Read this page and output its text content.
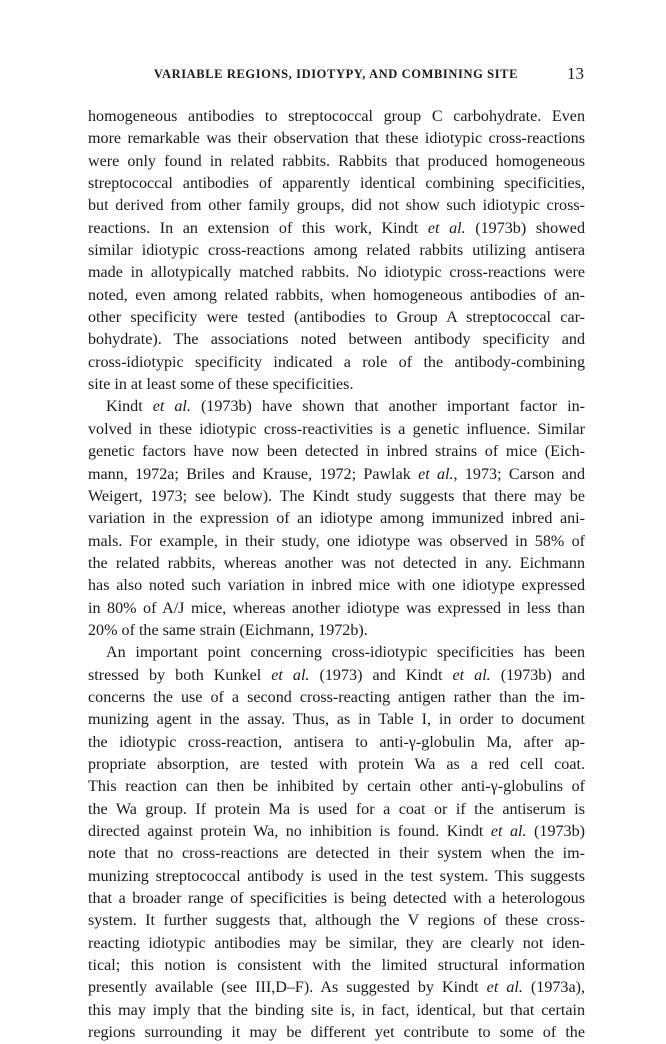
VARIABLE REGIONS, IDIOTYPY, AND COMBINING SITE	13
homogeneous antibodies to streptococcal group C carbohydrate. Even
more remarkable was their observation that these idiotypic cross-reactions
were only found in related rabbits. Rabbits that produced homogeneous
streptococcal antibodies of apparently identical combining specificities,
but derived from other family groups, did not show such idiotypic cross-
reactions. In an extension of this work, Kindt et al. (1973b) showed
similar idiotypic cross-reactions among related rabbits utilizing antisera
made in allotypically matched rabbits. No idiotypic cross-reactions were
noted, even among related rabbits, when homogeneous antibodies of an-
other specificity were tested (antibodies to Group A streptococcal car-
bohydrate). The associations noted between antibody specificity and
cross-idiotypic specificity indicated a role of the antibody-combining
site in at least some of these specificities.
Kindt et al. (1973b) have shown that another important factor in-
volved in these idiotypic cross-reactivities is a genetic influence. Similar
genetic factors have now been detected in inbred strains of mice (Eich-
mann, 1972a; Briles and Krause, 1972; Pawlak et al., 1973; Carson and
Weigert, 1973; see below). The Kindt study suggests that there may be
variation in the expression of an idiotype among immunized inbred ani-
mals. For example, in their study, one idiotype was observed in 58% of
the related rabbits, whereas another was not detected in any. Eichmann
has also noted such variation in inbred mice with one idiotype expressed
in 80% of A/J mice, whereas another idiotype was expressed in less than
20% of the same strain (Eichmann, 1972b).
An important point concerning cross-idiotypic specificities has been
stressed by both Kunkel et al. (1973) and Kindt et al. (1973b) and
concerns the use of a second cross-reacting antigen rather than the im-
munizing agent in the assay. Thus, as in Table I, in order to document
the idiotypic cross-reaction, antisera to anti-γ-globulin Ma, after ap-
propriate absorption, are tested with protein Wa as a red cell coat.
This reaction can then be inhibited by certain other anti-γ-globulins of
the Wa group. If protein Ma is used for a coat or if the antiserum is
directed against protein Wa, no inhibition is found. Kindt et al. (1973b)
note that no cross-reactions are detected in their system when the im-
munizing streptococcal antibody is used in the test system. This suggests
that a broader range of specificities is being detected with a heterologous
system. It further suggests that, although the V regions of these cross-
reacting idiotypic antibodies may be similar, they are clearly not iden-
tical; this notion is consistent with the limited structural information
presently available (see III,D–F). As suggested by Kindt et al. (1973a),
this may imply that the binding site is, in fact, identical, but that certain
regions surrounding it may be different yet contribute to some of the
